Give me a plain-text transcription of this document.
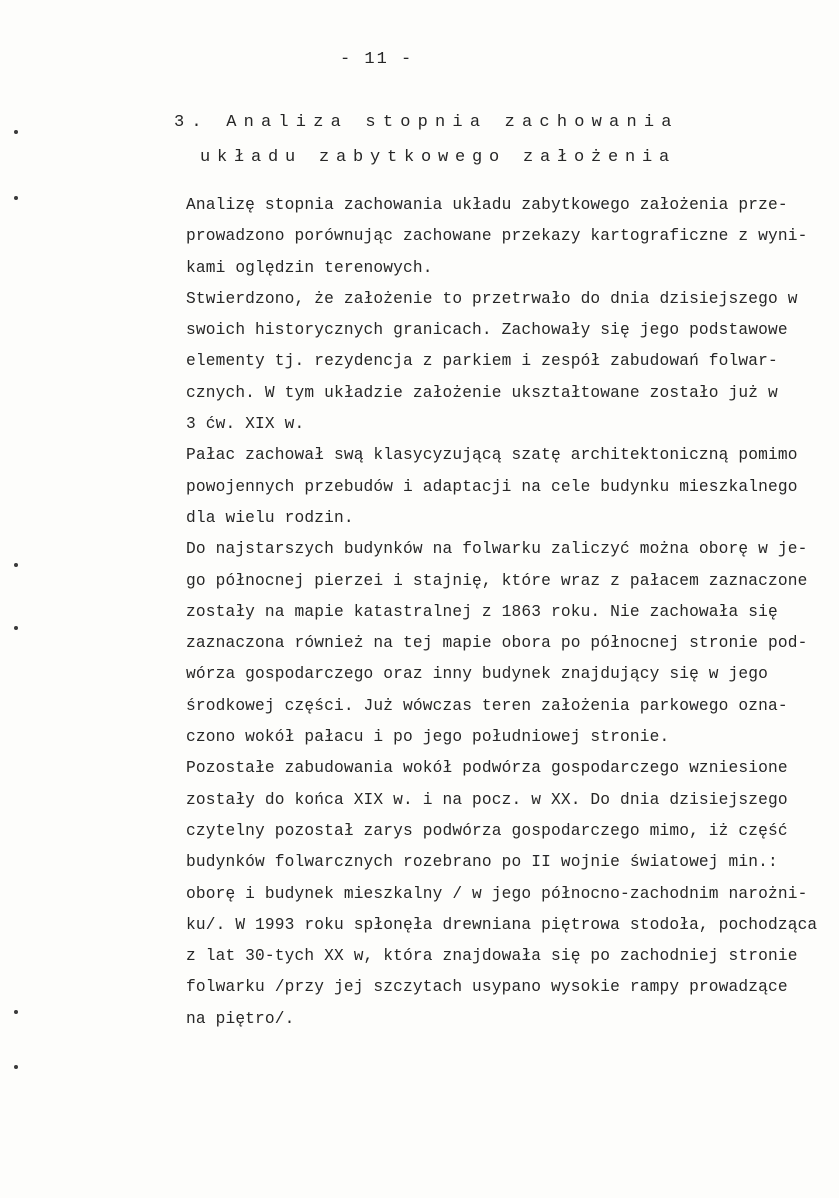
- 11 -
3. Analiza stopnia zachowania
układu zabytkowego założenia
Analizę stopnia zachowania układu zabytkowego założenia prze-
prowadzono porównując zachowane przekazy kartograficzne z wyni-
kami oględzin terenowych.
Stwierdzono, że założenie to przetrwało do dnia dzisiejszego w
swoich historycznych granicach. Zachowały się jego podstawowe
elementy tj. rezydencja z parkiem i zespół zabudowań folwar-
cznych. W tym układzie założenie ukształtowane zostało już w
3 ćw. XIX w.
Pałac zachował swą klasycyzującą szatę architektoniczną pomimo
powojennych przebudów i adaptacji na cele budynku mieszkalnego
dla wielu rodzin.
Do najstarszych budynków na folwarku zaliczyć można oborę w je-
go północnej pierzei i stajnię, które wraz z pałacem zaznaczone
zostały na mapie katastralnej z 1863 roku. Nie zachowała się
zaznaczona również na tej mapie obora po północnej stronie pod-
wórza gospodarczego oraz inny budynek znajdujący się w jego
środkowej części. Już wówczas teren założenia parkowego ozna-
czono wokół pałacu i po jego południowej stronie.
Pozostałe zabudowania wokół podwórza gospodarczego wzniesione
zostały do końca XIX w. i na pocz. w XX. Do dnia dzisiejszego
czytelny pozostał zarys podwórza gospodarczego mimo, iż część
budynków folwarcznych rozebrano po II wojnie światowej min.:
oborę i budynek mieszkalny / w jego północno-zachodnim narożni-
ku/. W 1993 roku spłonęła drewniana piętrowa stodoła, pochodząca
z lat 30-tych XX w, która znajdowała się po zachodniej stronie
folwarku /przy jej szczytach usypano wysokie rampy prowadzące
na piętro/.
